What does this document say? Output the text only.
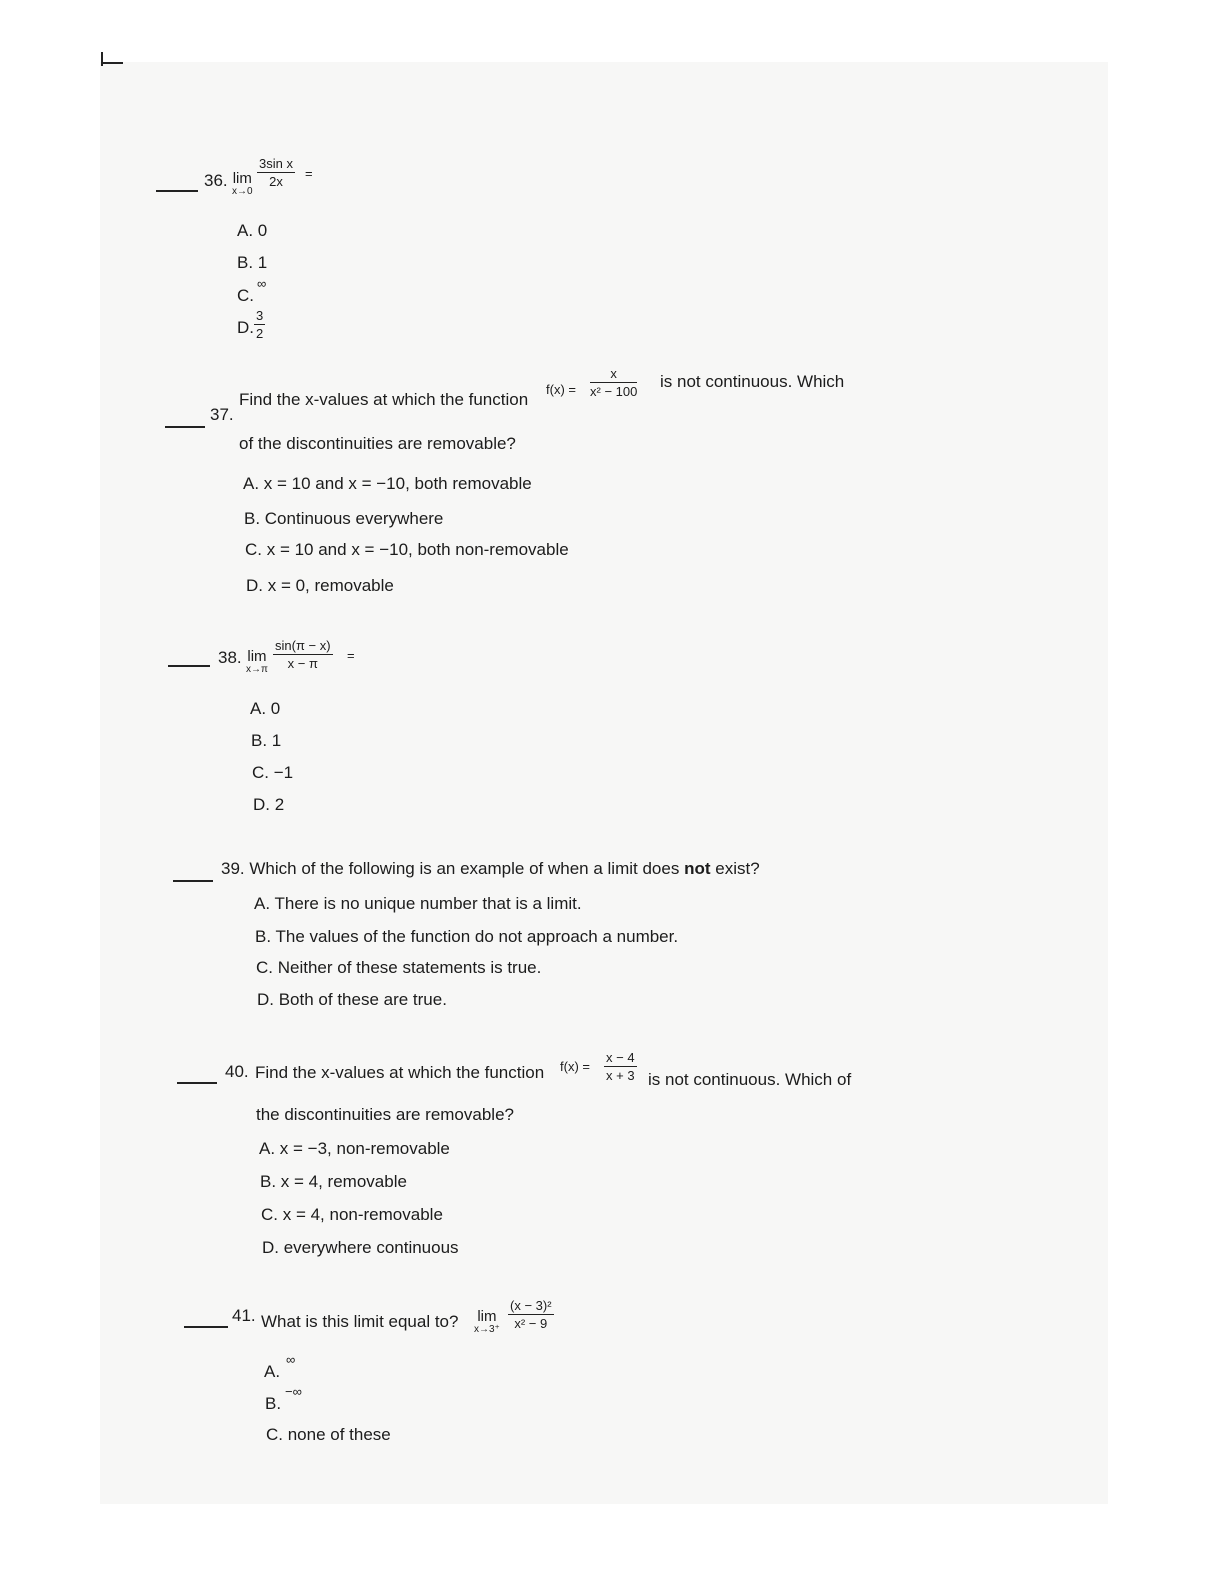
36. lim
x→0
$\frac{\text{3sin x}}{2x}$ =
A. 0
B. 1
C.
∞
D. $\frac{3}{2}$
37.
Find the x-values at which the function
$f(x) = \frac{x}{\text{x² − 100}}$ is not continuous. Which
of the discontinuities are removable?
A. x = 10 and x = −10, both removable
B. Continuous everywhere
C. x = 10 and x = −10, both non-removable
D. x = 0, removable
38. lim
$x\to\pi \frac{\sin(\pi - x)}{x - \pi}$ =
A. 0
B. 1
C. −1
D. 2
39. Which of the following is an example of when a limit does not exist?
A. There is no unique number that is a limit.
B. The values of the function do not approach a number.
C. Neither of these statements is true.
D. Both of these are true.
40. Find the x-values at which the function $f(x) = \frac{x - 4}{x + 3}$ is not continuous. Which of
the discontinuities are removable?
A. x = −3, non-removable
B. x = 4, removable
C. x = 4, non-removable
D. everywhere continuous
41. What is this limit equal to? lim
$x\to 3^+ \frac{\text{(x − 3)²}}{\text{x² − 9}}$
A.
∞
B.
−∞
C. none of these
